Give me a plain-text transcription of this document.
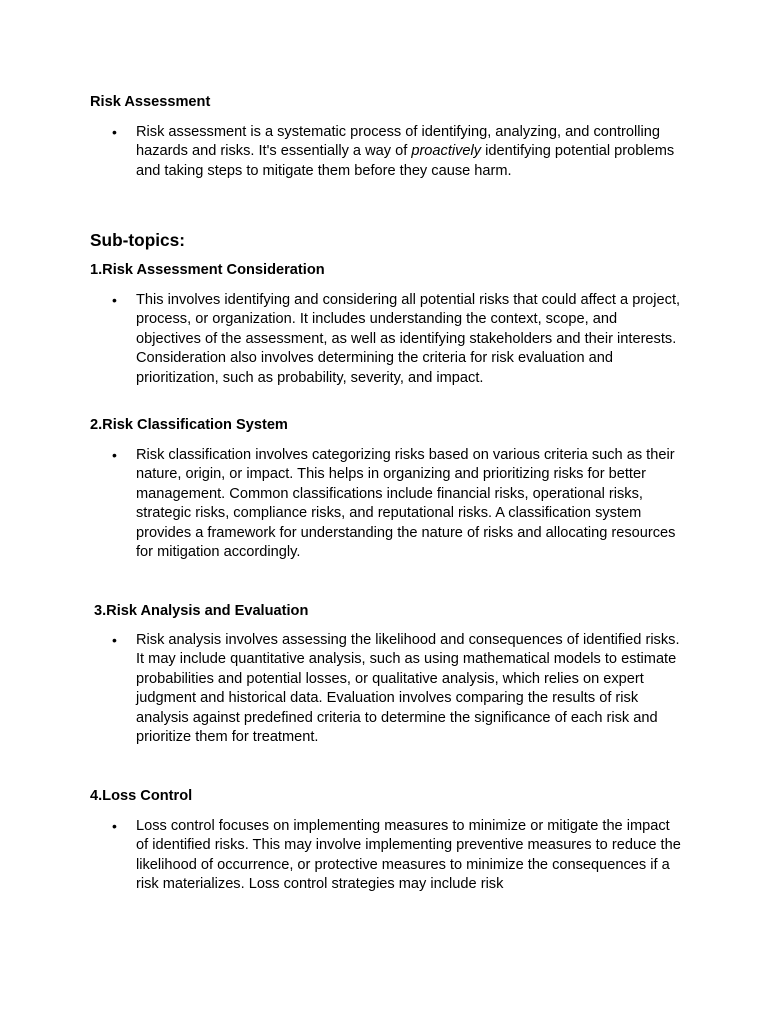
Risk Assessment
• Risk assessment is a systematic process of identifying, analyzing, and controlling hazards and risks. It's essentially a way of proactively identifying potential problems and taking steps to mitigate them before they cause harm.

Sub-topics:
1.Risk Assessment Consideration
• This involves identifying and considering all potential risks that could affect a project, process, or organization. It includes understanding the context, scope, and objectives of the assessment, as well as identifying stakeholders and their interests. Consideration also involves determining the criteria for risk evaluation and prioritization, such as probability, severity, and impact.

2.Risk Classification System
• Risk classification involves categorizing risks based on various criteria such as their nature, origin, or impact. This helps in organizing and prioritizing risks for better management. Common classifications include financial risks, operational risks, strategic risks, compliance risks, and reputational risks. A classification system provides a framework for understanding the nature of risks and allocating resources for mitigation accordingly.

3.Risk Analysis and Evaluation
• Risk analysis involves assessing the likelihood and consequences of identified risks. It may include quantitative analysis, such as using mathematical models to estimate probabilities and potential losses, or qualitative analysis, which relies on expert judgment and historical data. Evaluation involves comparing the results of risk analysis against predefined criteria to determine the significance of each risk and prioritize them for treatment.

4.Loss Control
• Loss control focuses on implementing measures to minimize or mitigate the impact of identified risks. This may involve implementing preventive measures to reduce the likelihood of occurrence, or protective measures to minimize the consequences if a risk materializes. Loss control strategies may include risk
